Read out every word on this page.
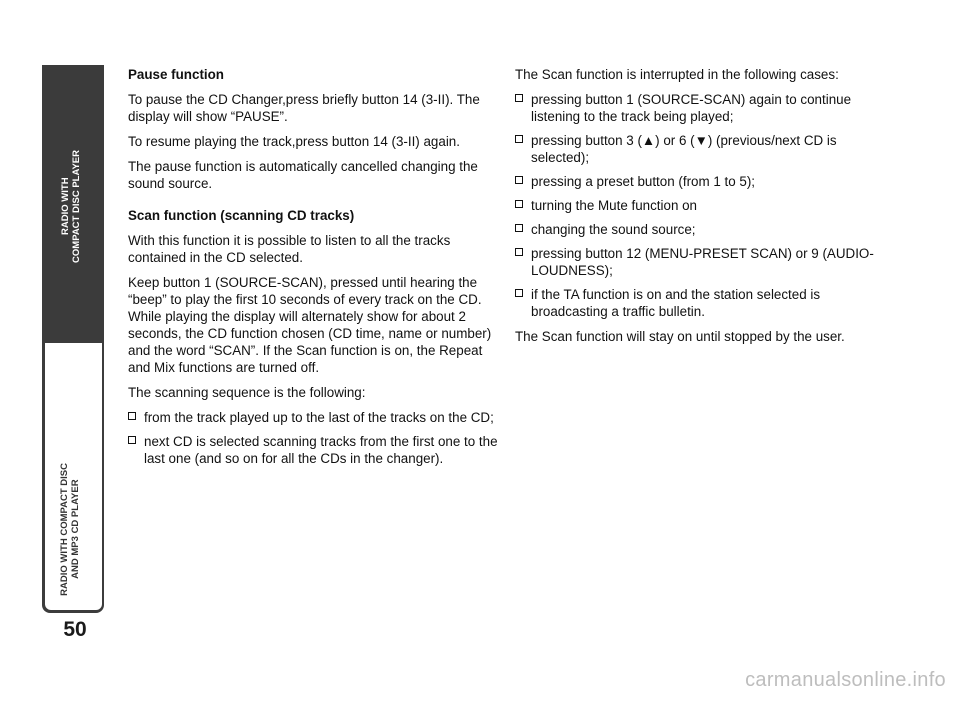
RADIO WITH COMPACT DISC PLAYER
RADIO WITH COMPACT DISC AND MP3 CD PLAYER
50
Pause function

To pause the CD Changer,press briefly button 14 (3-II). The display will show “PAUSE”.

To resume playing the track,press button 14 (3-II) again.

The pause function is automatically cancelled changing the sound source.

Scan function (scanning CD tracks)

With this function it is possible to listen to all the tracks contained in the CD selected.

Keep button 1 (SOURCE-SCAN), pressed until hearing the “beep” to play the first 10 seconds of every track on the CD. While playing the display will alternately show for about 2 seconds, the CD function chosen (CD time, name or number) and the word “SCAN”. If the Scan function is on, the Repeat and Mix functions are turned off.

The scanning sequence is the following:

from the track played up to the last of the tracks on the CD;
next CD is selected scanning tracks from the first one to the last one (and so on for all the CDs in the changer).

The Scan function is interrupted in the following cases:

pressing button 1 (SOURCE-SCAN) again to continue listening to the track being played;
pressing button 3 (▲) or 6 (▼) (previous/next CD is selected);
pressing a preset button (from 1 to 5);
turning the Mute function on
changing the sound source;
pressing button 12 (MENU-PRESET SCAN) or 9 (AUDIO-LOUDNESS);
if the TA function is on and the station selected is broadcasting a traffic bulletin.

The Scan function will stay on until stopped by the user.

carmanualsonline.info
